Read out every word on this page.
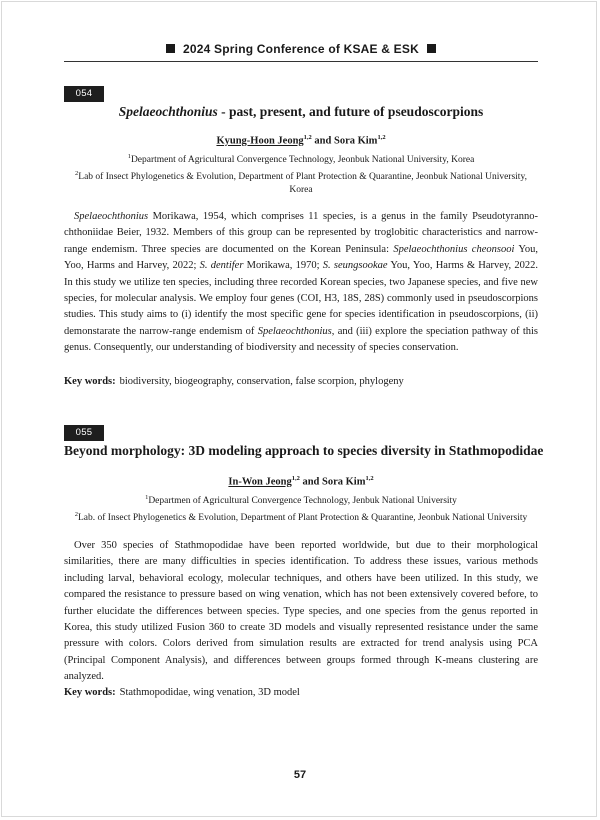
2024 Spring Conference of KSAE & ESK
054
Spelaeochthonius - past, present, and future of pseudoscorpions
Kyung-Hoon Jeong$^{1,2}$ and Sora Kim$^{1,2}$
$^1$Department of Agricultural Convergence Technology, Jeonbuk National University, Korea
$^2$Lab of Insect Phylogenetics & Evolution, Department of Plant Protection & Quarantine, Jeonbuk National University,
Korea

Spelaeochthonius Morikawa, 1954, which comprises 11 species, is a genus in the family Pseudotyranno-chthoniidae Beier, 1932. Members of this group can be represented by troglobitic characteristics and narrow-range endemism. Three species are documented on the Korean Peninsula: Spelaeochthonius cheonsooi You, Yoo, Harms and Harvey, 2022; S. dentifer Morikawa, 1970; S. seungsookae You, Yoo, Harms & Harvey, 2022. In this study we utilize ten species, including three recorded Korean species, two Japanese species, and five new species, for molecular analysis. We employ four genes (COI, H3, 18S, 28S) commonly used in pseudoscorpions studies. This study aims to (i) identify the most specific gene for species identification in pseudoscorpions, (ii) demonstarate the narrow-range endemism of Spelaeochthonius, and (iii) explore the speciation pathway of this genus. Consequently, our understanding of biodiversity and necessity of species conservation.

Key words: biodiversity, biogeography, conservation, false scorpion, phylogeny
055
Beyond morphology: 3D modeling approach to species diversity in Stathmopodidae
In-Won Jeong$^{1,2}$ and Sora Kim$^{1,2}$
$^1$Departmen of Agricultural Convergence Technology, Jenbuk National University
$^2$Lab. of Insect Phylogenetics & Evolution, Department of Plant Protection & Quarantine, Jeonbuk National University

Over 350 species of Stathmopodidae have been reported worldwide, but due to their morphological similarities, there are many difficulties in species identification. To address these issues, various methods including larval, behavioral ecology, molecular techniques, and others have been utilized. In this study, we compared the resistance to pressure based on wing venation, which has not been extensively covered before, to further elucidate the differences between species. Type species, and one species from the genus reported in Korea, this study utilized Fusion 360 to create 3D models and visually represented resistance under the same pressure with colors. Colors derived from simulation results are extracted for trend analysis using PCA (Principal Component Analysis), and differences between groups formed through K-means clustering are analyzed.

Key words: Stathmopodidae, wing venation, 3D model
57
